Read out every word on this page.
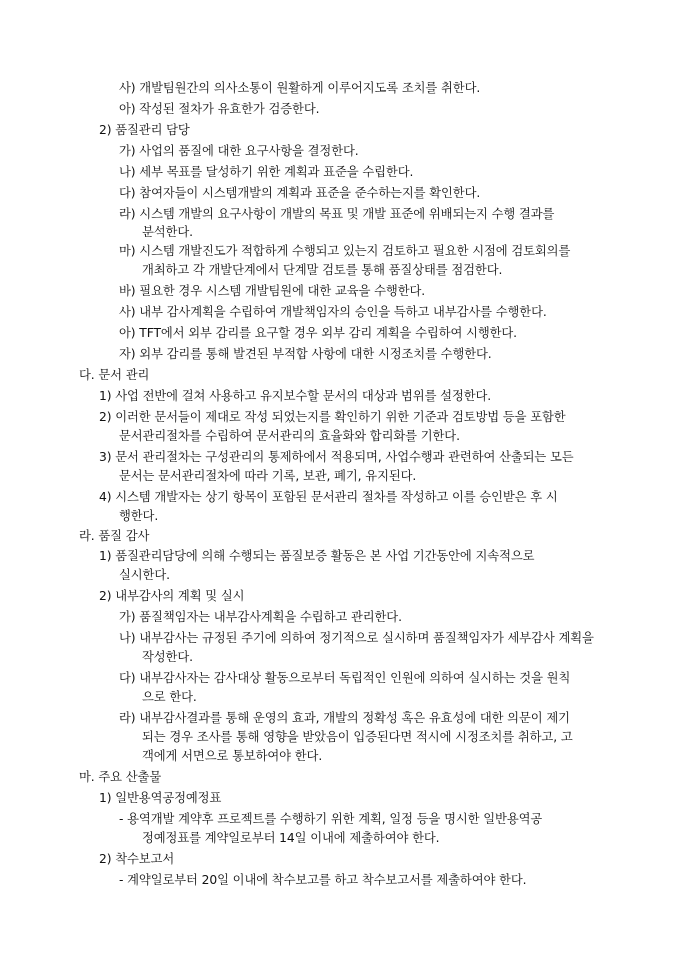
사) 개발팀원간의 의사소통이 원활하게 이루어지도록 조치를 취한다.
아) 작성된 절차가 유효한가 검증한다.
2) 품질관리 담당
가) 사업의 품질에 대한 요구사항을 결정한다.
나) 세부 목표를 달성하기 위한 계획과 표준을 수립한다.
다) 참여자들이 시스템개발의 계획과 표준을 준수하는지를 확인한다.
라) 시스템 개발의 요구사항이 개발의 목표 및 개발 표준에 위배되는지 수행 결과를
분석한다.
마) 시스템 개발진도가 적합하게 수행되고 있는지 검토하고 필요한 시점에 검토회의를
개최하고 각 개발단계에서 단계말 검토를 통해 품질상태를 점검한다.
바) 필요한 경우 시스템 개발팀원에 대한 교육을 수행한다.
사) 내부 감사계획을 수립하여 개발책임자의 승인을 득하고 내부감사를 수행한다.
아) TFT에서 외부 감리를 요구할 경우 외부 감리 계획을 수립하여 시행한다.
자) 외부 감리를 통해 발견된 부적합 사항에 대한 시정조치를 수행한다.
다. 문서 관리
1) 사업 전반에 걸쳐 사용하고 유지보수할 문서의 대상과 범위를 설정한다.
2) 이러한 문서들이 제대로 작성 되었는지를 확인하기 위한 기준과 검토방법 등을 포함한
문서관리절차를 수립하여 문서관리의 효율화와 합리화를 기한다.
3) 문서 관리절차는 구성관리의 통제하에서 적용되며, 사업수행과 관련하여 산출되는 모든
문서는 문서관리절차에 따라 기록, 보관, 폐기, 유지된다.
4) 시스템 개발자는 상기 항목이 포함된 문서관리 절차를 작성하고 이를 승인받은 후 시
행한다.
라. 품질 감사
1) 품질관리담당에 의해 수행되는 품질보증 활동은 본 사업 기간동안에 지속적으로
실시한다.
2) 내부감사의 계획 및 실시
가) 품질책임자는 내부감사계획을 수립하고 관리한다.
나) 내부감사는 규정된 주기에 의하여 정기적으로 실시하며 품질책임자가 세부감사 계획을
작성한다.
다) 내부감사자는 감사대상 활동으로부터 독립적인 인원에 의하여 실시하는 것을 원칙
으로 한다.
라) 내부감사결과를 통해 운영의 효과, 개발의 정확성 혹은 유효성에 대한 의문이 제기
되는 경우 조사를 통해 영향을 받았음이 입증된다면 적시에 시정조치를 취하고, 고
객에게 서면으로 통보하여야 한다.
마. 주요 산출물
1) 일반용역공정예정표
- 용역개발 계약후 프로젝트를 수행하기 위한 계획, 일정 등을 명시한 일반용역공
정예정표를 계약일로부터 14일 이내에 제출하여야 한다.
2) 착수보고서
- 계약일로부터 20일 이내에 착수보고를 하고 착수보고서를 제출하여야 한다.
